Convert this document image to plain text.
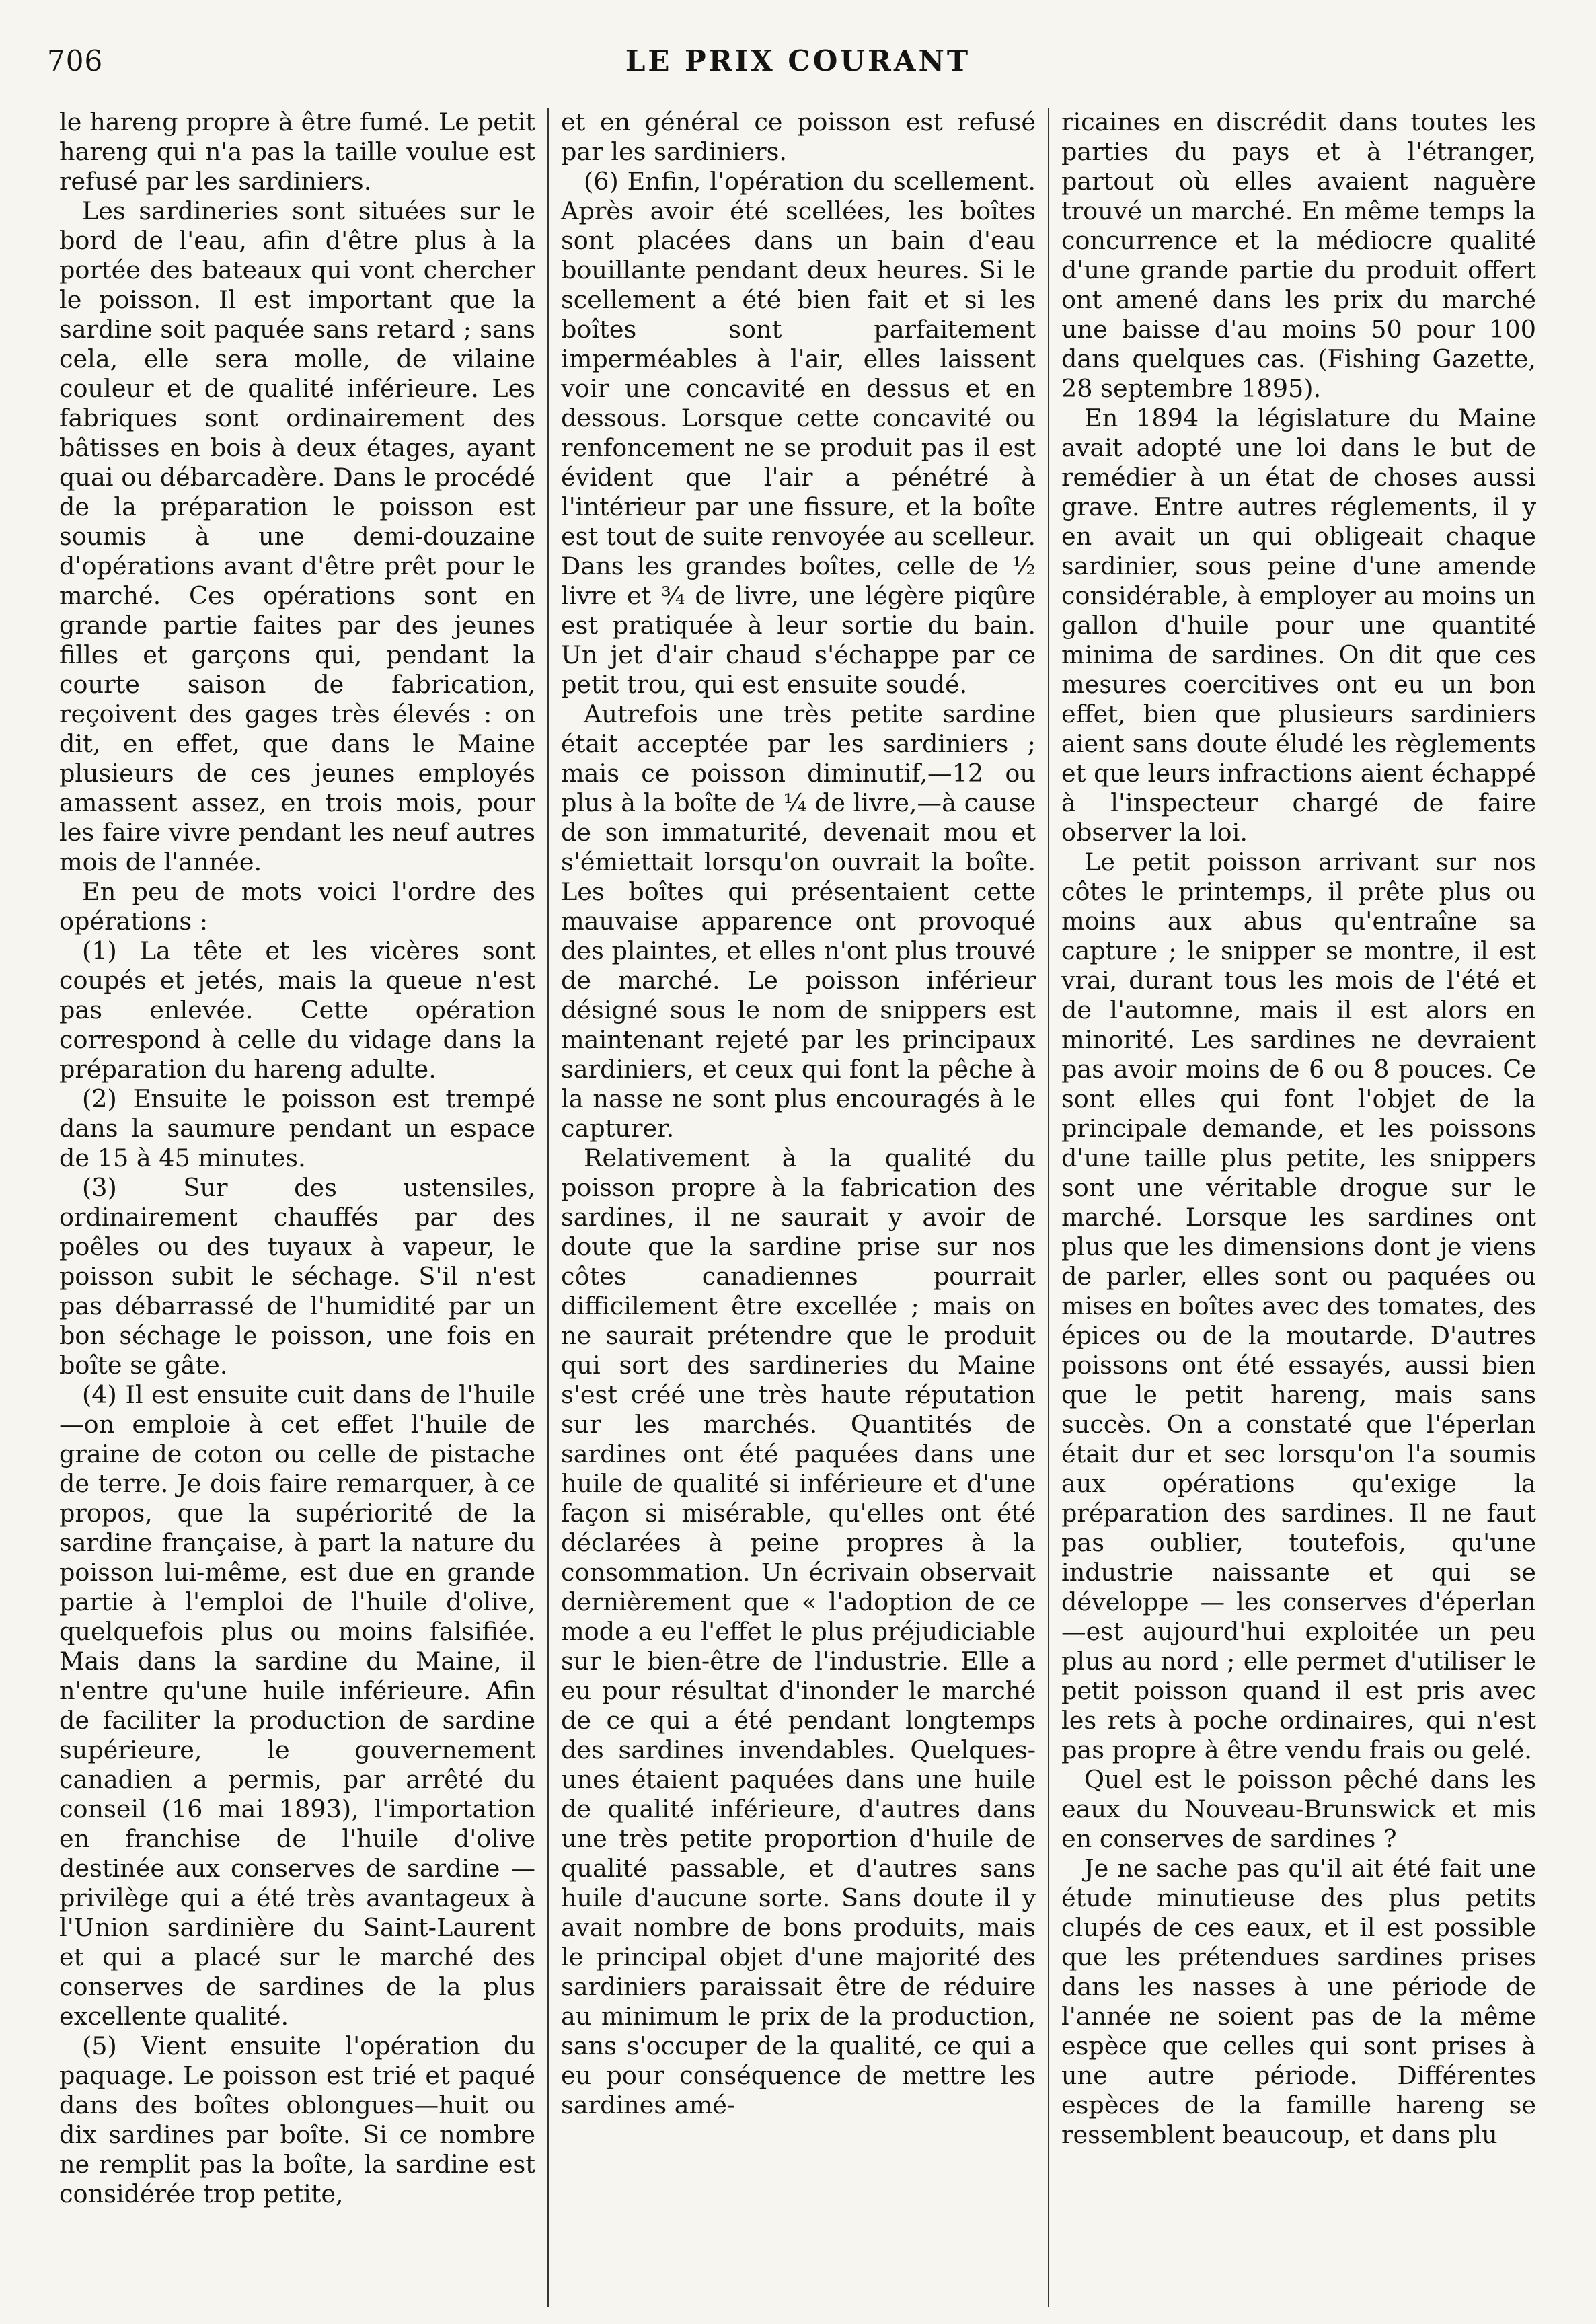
706	LE PRIX COURANT

le hareng propre à être fumé. Le petit hareng qui n'a pas la taille voulue est refusé par les sardiniers.

Les sardineries sont situées sur le bord de l'eau, afin d'être plus à la portée des bateaux qui vont chercher le poisson. Il est important que la sardine soit paquée sans retard ; sans cela, elle sera molle, de vilaine couleur et de qualité inférieure. Les fabriques sont ordinairement des bâtisses en bois à deux étages, ayant quai ou débarcadère. Dans le procédé de la préparation le poisson est soumis à une demi-douzaine d'opérations avant d'être prêt pour le marché. Ces opérations sont en grande partie faites par des jeunes filles et garçons qui, pendant la courte saison de fabrication, reçoivent des gages très élevés : on dit, en effet, que dans le Maine plusieurs de ces jeunes employés amassent assez, en trois mois, pour les faire vivre pendant les neuf autres mois de l'année.

En peu de mots voici l'ordre des opérations :

(1) La tête et les vicères sont coupés et jetés, mais la queue n'est pas enlevée. Cette opération correspond à celle du vidage dans la préparation du hareng adulte.

(2) Ensuite le poisson est trempé dans la saumure pendant un espace de 15 à 45 minutes.

(3) Sur des ustensiles, ordinairement chauffés par des poêles ou des tuyaux à vapeur, le poisson subit le séchage. S'il n'est pas débarrassé de l'humidité par un bon séchage le poisson, une fois en boîte se gâte.

(4) Il est ensuite cuit dans de l'huile—on emploie à cet effet l'huile de graine de coton ou celle de pistache de terre. Je dois faire remarquer, à ce propos, que la supériorité de la sardine française, à part la nature du poisson lui-même, est due en grande partie à l'emploi de l'huile d'olive, quelquefois plus ou moins falsifiée. Mais dans la sardine du Maine, il n'entre qu'une huile inférieure. Afin de faciliter la production de sardine supérieure, le gouvernement canadien a permis, par arrêté du conseil (16 mai 1893), l'importation en franchise de l'huile d'olive destinée aux conserves de sardine — privilège qui a été très avantageux à l'Union sardinière du Saint-Laurent et qui a placé sur le marché des conserves de sardines de la plus excellente qualité.

(5) Vient ensuite l'opération du paquage. Le poisson est trié et paqué dans des boîtes oblongues—huit ou dix sardines par boîte. Si ce nombre ne remplit pas la boîte, la sardine est considérée trop petite,

et en général ce poisson est refusé par les sardiniers.

(6) Enfin, l'opération du scellement. Après avoir été scellées, les boîtes sont placées dans un bain d'eau bouillante pendant deux heures. Si le scellement a été bien fait et si les boîtes sont parfaitement imperméables à l'air, elles laissent voir une concavité en dessus et en dessous. Lorsque cette concavité ou renfoncement ne se produit pas il est évident que l'air a pénétré à l'intérieur par une fissure, et la boîte est tout de suite renvoyée au scelleur. Dans les grandes boîtes, celle de ½ livre et ¾ de livre, une légère piqûre est pratiquée à leur sortie du bain. Un jet d'air chaud s'échappe par ce petit trou, qui est ensuite soudé.

Autrefois une très petite sardine était acceptée par les sardiniers ; mais ce poisson diminutif,—12 ou plus à la boîte de ¼ de livre,—à cause de son immaturité, devenait mou et s'émiettait lorsqu'on ouvrait la boîte. Les boîtes qui présentaient cette mauvaise apparence ont provoqué des plaintes, et elles n'ont plus trouvé de marché. Le poisson inférieur désigné sous le nom de snippers est maintenant rejeté par les principaux sardiniers, et ceux qui font la pêche à la nasse ne sont plus encouragés à le capturer.

Relativement à la qualité du poisson propre à la fabrication des sardines, il ne saurait y avoir de doute que la sardine prise sur nos côtes canadiennes pourrait difficilement être excellée ; mais on ne saurait prétendre que le produit qui sort des sardineries du Maine s'est créé une très haute réputation sur les marchés. Quantités de sardines ont été paquées dans une huile de qualité si inférieure et d'une façon si misérable, qu'elles ont été déclarées à peine propres à la consommation. Un écrivain observait dernièrement que « l'adoption de ce mode a eu l'effet le plus préjudiciable sur le bien-être de l'industrie. Elle a eu pour résultat d'inonder le marché de ce qui a été pendant longtemps des sardines invendables. Quelques-unes étaient paquées dans une huile de qualité inférieure, d'autres dans une très petite proportion d'huile de qualité passable, et d'autres sans huile d'aucune sorte. Sans doute il y avait nombre de bons produits, mais le principal objet d'une majorité des sardiniers paraissait être de réduire au minimum le prix de la production, sans s'occuper de la qualité, ce qui a eu pour conséquence de mettre les sardines amé-

ricaines en discrédit dans toutes les parties du pays et à l'étranger, partout où elles avaient naguère trouvé un marché. En même temps la concurrence et la médiocre qualité d'une grande partie du produit offert ont amené dans les prix du marché une baisse d'au moins 50 pour 100 dans quelques cas. (Fishing Gazette, 28 septembre 1895).

En 1894 la législature du Maine avait adopté une loi dans le but de remédier à un état de choses aussi grave. Entre autres réglements, il y en avait un qui obligeait chaque sardinier, sous peine d'une amende considérable, à employer au moins un gallon d'huile pour une quantité minima de sardines. On dit que ces mesures coercitives ont eu un bon effet, bien que plusieurs sardiniers aient sans doute éludé les règlements et que leurs infractions aient échappé à l'inspecteur chargé de faire observer la loi.

Le petit poisson arrivant sur nos côtes le printemps, il prête plus ou moins aux abus qu'entraîne sa capture ; le snipper se montre, il est vrai, durant tous les mois de l'été et de l'automne, mais il est alors en minorité. Les sardines ne devraient pas avoir moins de 6 ou 8 pouces. Ce sont elles qui font l'objet de la principale demande, et les poissons d'une taille plus petite, les snippers sont une véritable drogue sur le marché. Lorsque les sardines ont plus que les dimensions dont je viens de parler, elles sont ou paquées ou mises en boîtes avec des tomates, des épices ou de la moutarde. D'autres poissons ont été essayés, aussi bien que le petit hareng, mais sans succès. On a constaté que l'éperlan était dur et sec lorsqu'on l'a soumis aux opérations qu'exige la préparation des sardines. Il ne faut pas oublier, toutefois, qu'une industrie naissante et qui se développe — les conserves d'éperlan—est aujourd'hui exploitée un peu plus au nord ; elle permet d'utiliser le petit poisson quand il est pris avec les rets à poche ordinaires, qui n'est pas propre à être vendu frais ou gelé.

Quel est le poisson pêché dans les eaux du Nouveau-Brunswick et mis en conserves de sardines ?

Je ne sache pas qu'il ait été fait une étude minutieuse des plus petits clupés de ces eaux, et il est possible que les prétendues sardines prises dans les nasses à une période de l'année ne soient pas de la même espèce que celles qui sont prises à une autre période. Différentes espèces de la famille hareng se ressemblent beaucoup, et dans plu
